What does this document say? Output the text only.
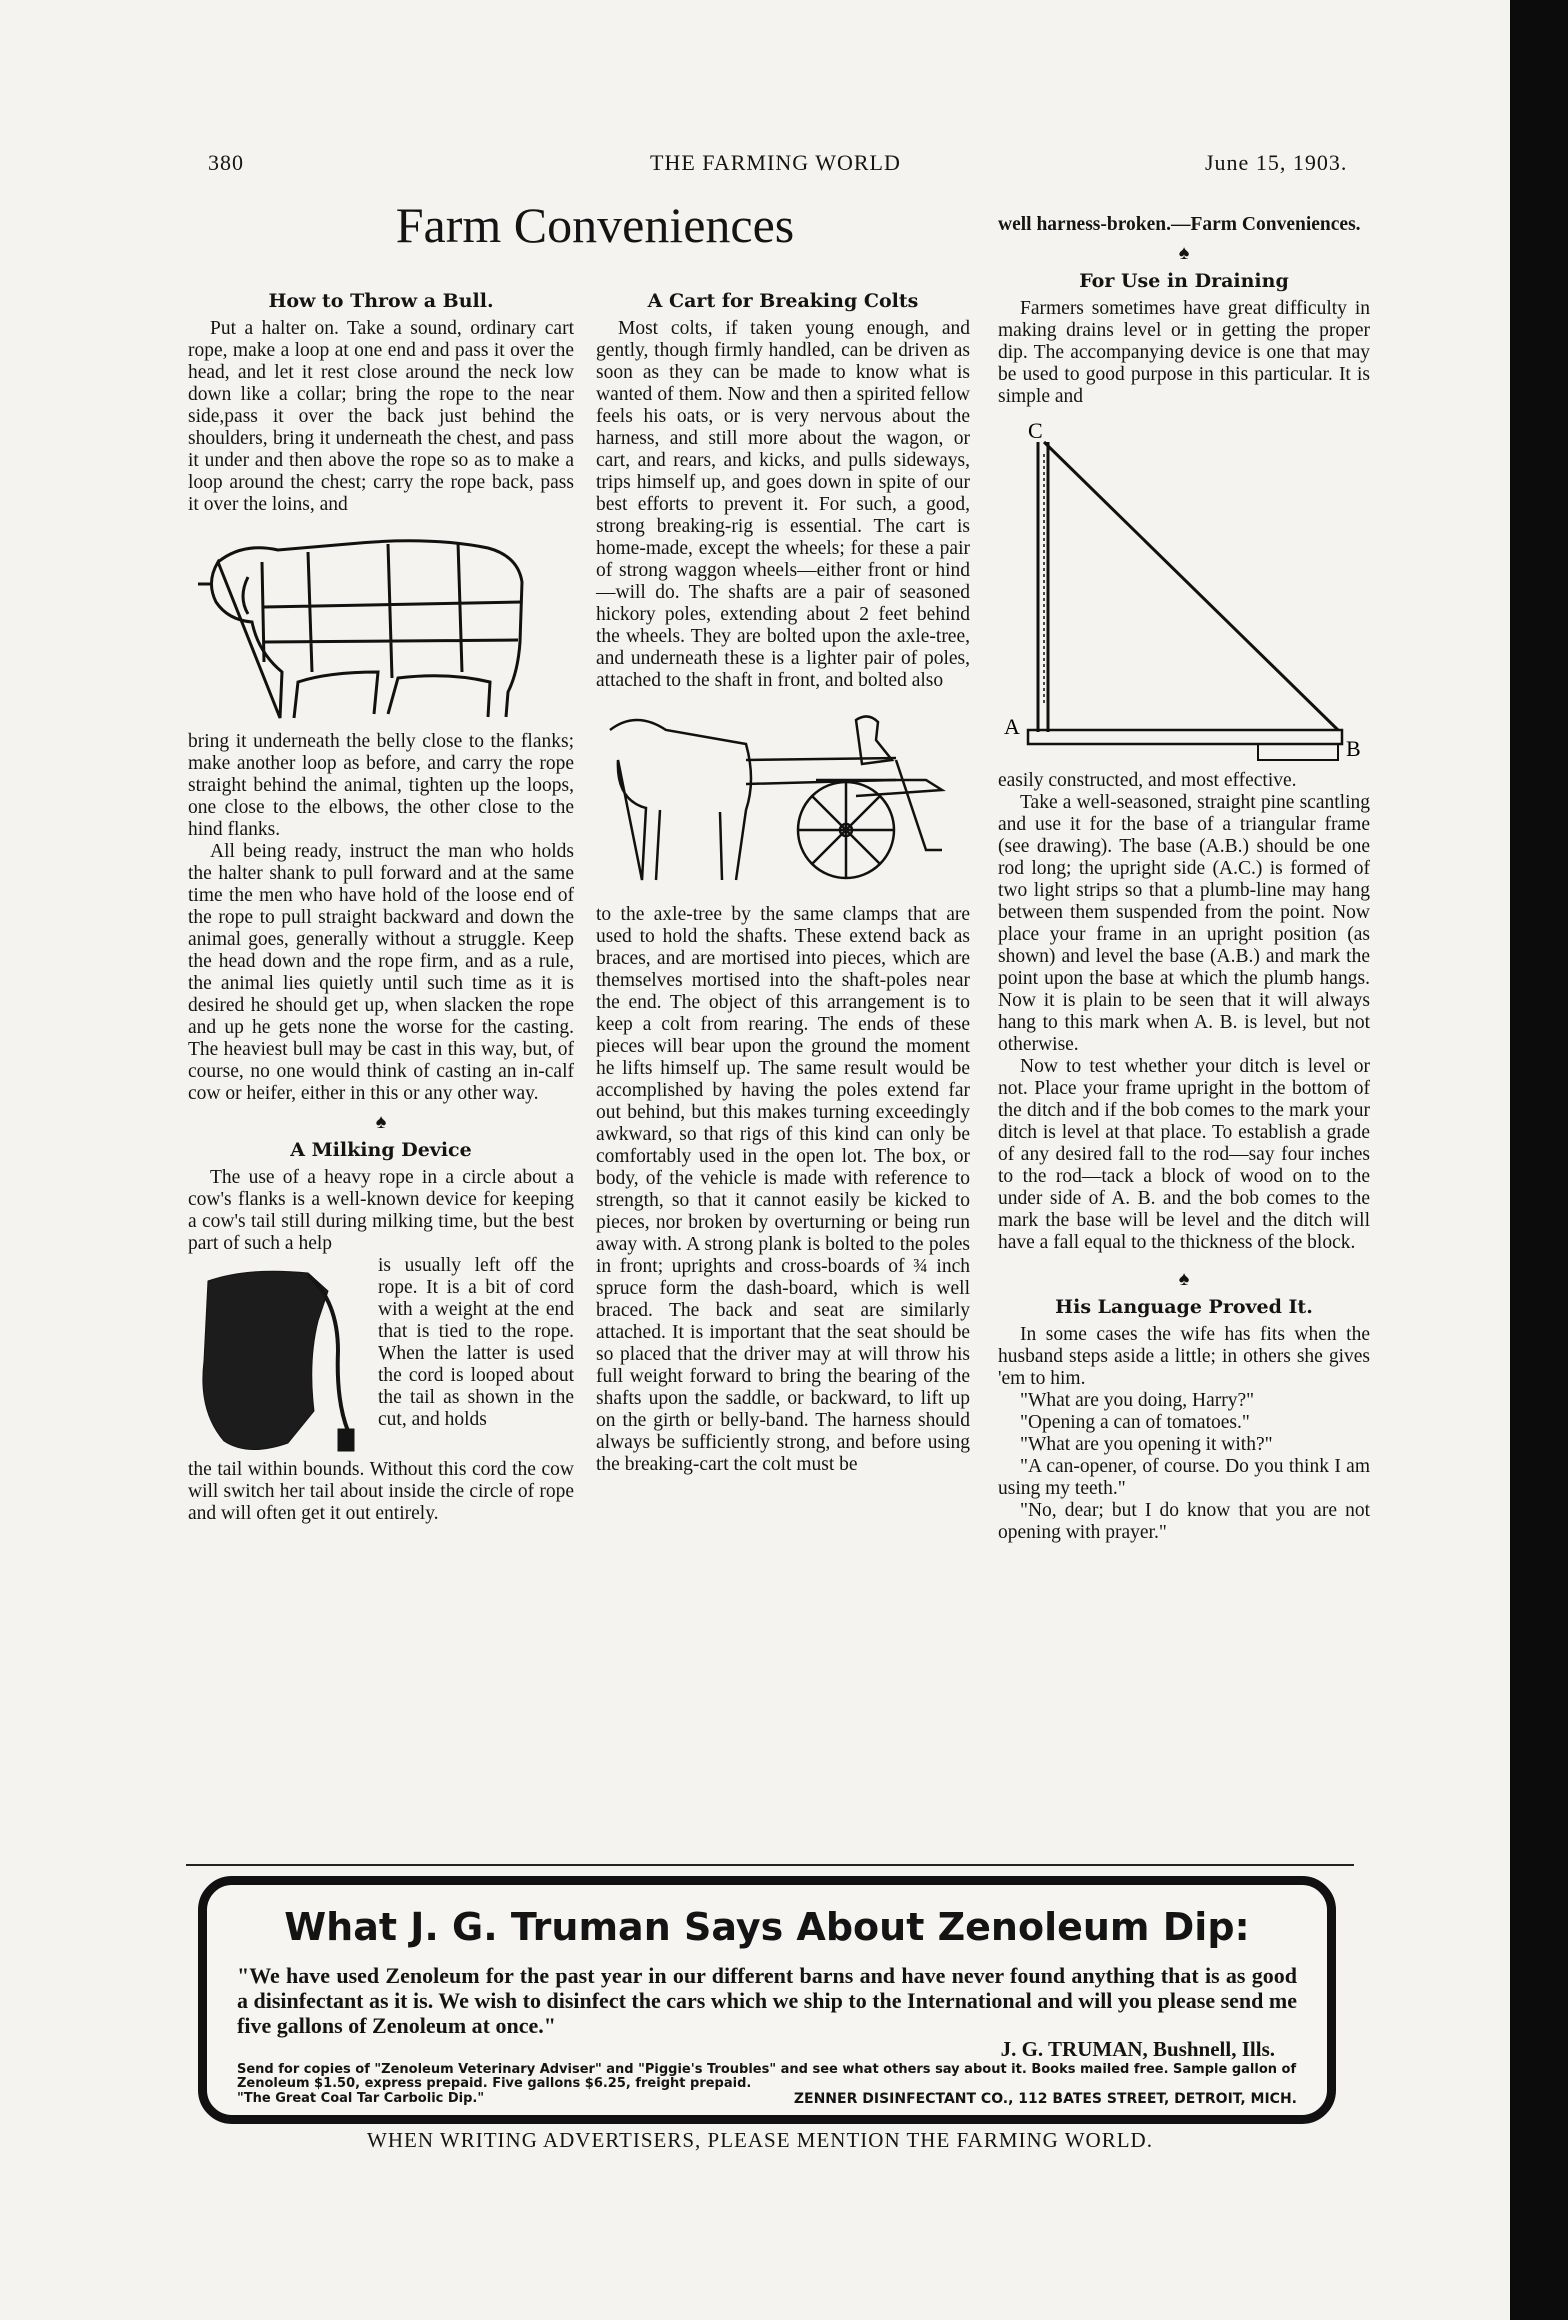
380	THE FARMING WORLD	June 15, 1903.
Farm Conveniences
How to Throw a Bull.

Put a halter on. Take a sound, ordinary cart rope, make a loop at one end and pass it over the head, and let it rest close around the neck low down like a collar; bring the rope to the near side,pass it over the back just behind the shoulders, bring it underneath the chest, and pass it under and then above the rope so as to make a loop around the chest; carry the rope back, pass it over the loins, and

bring it underneath the belly close to the flanks; make another loop as before, and carry the rope straight behind the animal, tighten up the loops, one close to the elbows, the other close to the hind flanks.

All being ready, instruct the man who holds the halter shank to pull forward and at the same time the men who have hold of the loose end of the rope to pull straight backward and down the animal goes, generally without a struggle. Keep the head down and the rope firm, and as a rule, the animal lies quietly until such time as it is desired he should get up, when slacken the rope and up he gets none the worse for the casting. The heaviest bull may be cast in this way, but, of course, no one would think of casting an in-calf cow or heifer, either in this or any other way.

♠
A Milking Device

The use of a heavy rope in a circle about a cow's flanks is a well-known device for keeping a cow's tail still during milking time, but the best part of such a help

is usually left off the rope. It is a bit of cord with a weight at the end that is tied to the rope. When the latter is used the cord is looped about the tail as shown in the cut, and holds

the tail within bounds. Without this cord the cow will switch her tail about inside the circle of rope and will often get it out entirely.

A Cart for Breaking Colts

Most colts, if taken young enough, and gently, though firmly handled, can be driven as soon as they can be made to know what is wanted of them. Now and then a spirited fellow feels his oats, or is very nervous about the harness, and still more about the wagon, or cart, and rears, and kicks, and pulls sideways, trips himself up, and goes down in spite of our best efforts to prevent it. For such, a good, strong breaking-rig is essential. The cart is home-made, except the wheels; for these a pair of strong waggon wheels—either front or hind—will do. The shafts are a pair of seasoned hickory poles, extending about 2 feet behind the wheels. They are bolted upon the axle-tree, and underneath these is a lighter pair of poles, attached to the shaft in front, and bolted also

to the axle-tree by the same clamps that are used to hold the shafts. These extend back as braces, and are mortised into pieces, which are themselves mortised into the shaft-poles near the end. The object of this arrangement is to keep a colt from rearing. The ends of these pieces will bear upon the ground the moment he lifts himself up. The same result would be accomplished by having the poles extend far out behind, but this makes turning exceedingly awkward, so that rigs of this kind can only be comfortably used in the open lot. The box, or body, of the vehicle is made with reference to strength, so that it cannot easily be kicked to pieces, nor broken by overturning or being run away with. A strong plank is bolted to the poles in front; uprights and cross-boards of ¾ inch spruce form the dash-board, which is well braced. The back and seat are similarly attached. It is important that the seat should be so placed that the driver may at will throw his full weight forward to bring the bearing of the shafts upon the saddle, or backward, to lift up on the girth or belly-band. The harness should always be sufficiently strong, and before using the breaking-cart the colt must be

well harness-broken.—Farm Conveniences.

♠
For Use in Draining

Farmers sometimes have great difficulty in making drains level or in getting the proper dip. The accompanying device is one that may be used to good purpose in this particular. It is simple and

C
A
B

easily constructed, and most effective.

Take a well-seasoned, straight pine scantling and use it for the base of a triangular frame (see drawing). The base (A.B.) should be one rod long; the upright side (A.C.) is formed of two light strips so that a plumb-line may hang between them suspended from the point. Now place your frame in an upright position (as shown) and level the base (A.B.) and mark the point upon the base at which the plumb hangs. Now it is plain to be seen that it will always hang to this mark when A. B. is level, but not otherwise.

Now to test whether your ditch is level or not. Place your frame upright in the bottom of the ditch and if the bob comes to the mark your ditch is level at that place. To establish a grade of any desired fall to the rod—say four inches to the rod—tack a block of wood on to the under side of A. B. and the bob comes to the mark the base will be level and the ditch will have a fall equal to the thickness of the block.

♠
His Language Proved It.

In some cases the wife has fits when the husband steps aside a little; in others she gives 'em to him.

"What are you doing, Harry?"

"Opening a can of tomatoes."

"What are you opening it with?"

"A can-opener, of course. Do you think I am using my teeth."

"No, dear; but I do know that you are not opening with prayer."

What J. G. Truman Says About Zenoleum Dip:
"We have used Zenoleum for the past year in our different barns and have never found anything that is as good a disinfectant as it is. We wish to disinfect the cars which we ship to the International and will you please send me five gallons of Zenoleum at once."
J. G. TRUMAN, Bushnell, Ills.
Send for copies of "Zenoleum Veterinary Adviser" and "Piggie's Troubles" and see what others say about it. Books mailed free. Sample gallon of Zenoleum $1.50, express prepaid. Five gallons $6.25, freight prepaid.
"The Great Coal Tar Carbolic Dip."	ZENNER DISINFECTANT CO., 112 BATES STREET, DETROIT, MICH.
WHEN WRITING ADVERTISERS, PLEASE MENTION THE FARMING WORLD.
